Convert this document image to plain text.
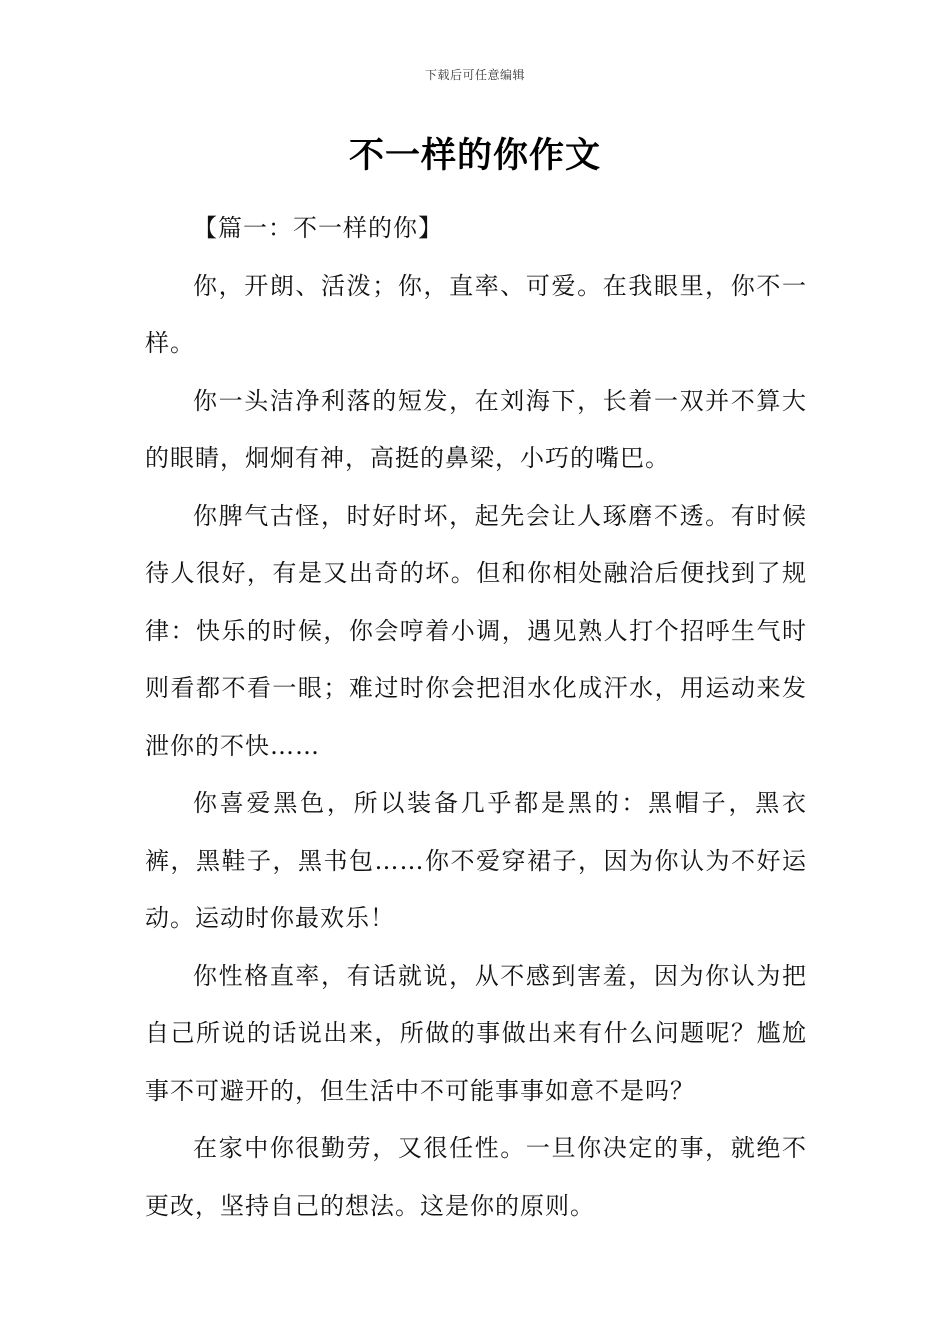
下载后可任意编辑
不一样的你作文

【篇一：不一样的你】

你，开朗、活泼；你，直率、可爱。在我眼里，你不一样。

你一头洁净利落的短发，在刘海下，长着一双并不算大的眼睛，炯炯有神，高挺的鼻梁，小巧的嘴巴。

你脾气古怪，时好时坏，起先会让人琢磨不透。有时候待人很好，有是又出奇的坏。但和你相处融洽后便找到了规律：快乐的时候，你会哼着小调，遇见熟人打个招呼生气时则看都不看一眼；难过时你会把泪水化成汗水，用运动来发泄你的不快……

你喜爱黑色，所以装备几乎都是黑的：黑帽子，黑衣裤，黑鞋子，黑书包……你不爱穿裙子，因为你认为不好运动。运动时你最欢乐！

你性格直率，有话就说，从不感到害羞，因为你认为把自己所说的话说出来，所做的事做出来有什么问题呢？尴尬事不可避开的，但生活中不可能事事如意不是吗？

在家中你很勤劳，又很任性。一旦你决定的事，就绝不更改，坚持自己的想法。这是你的原则。
